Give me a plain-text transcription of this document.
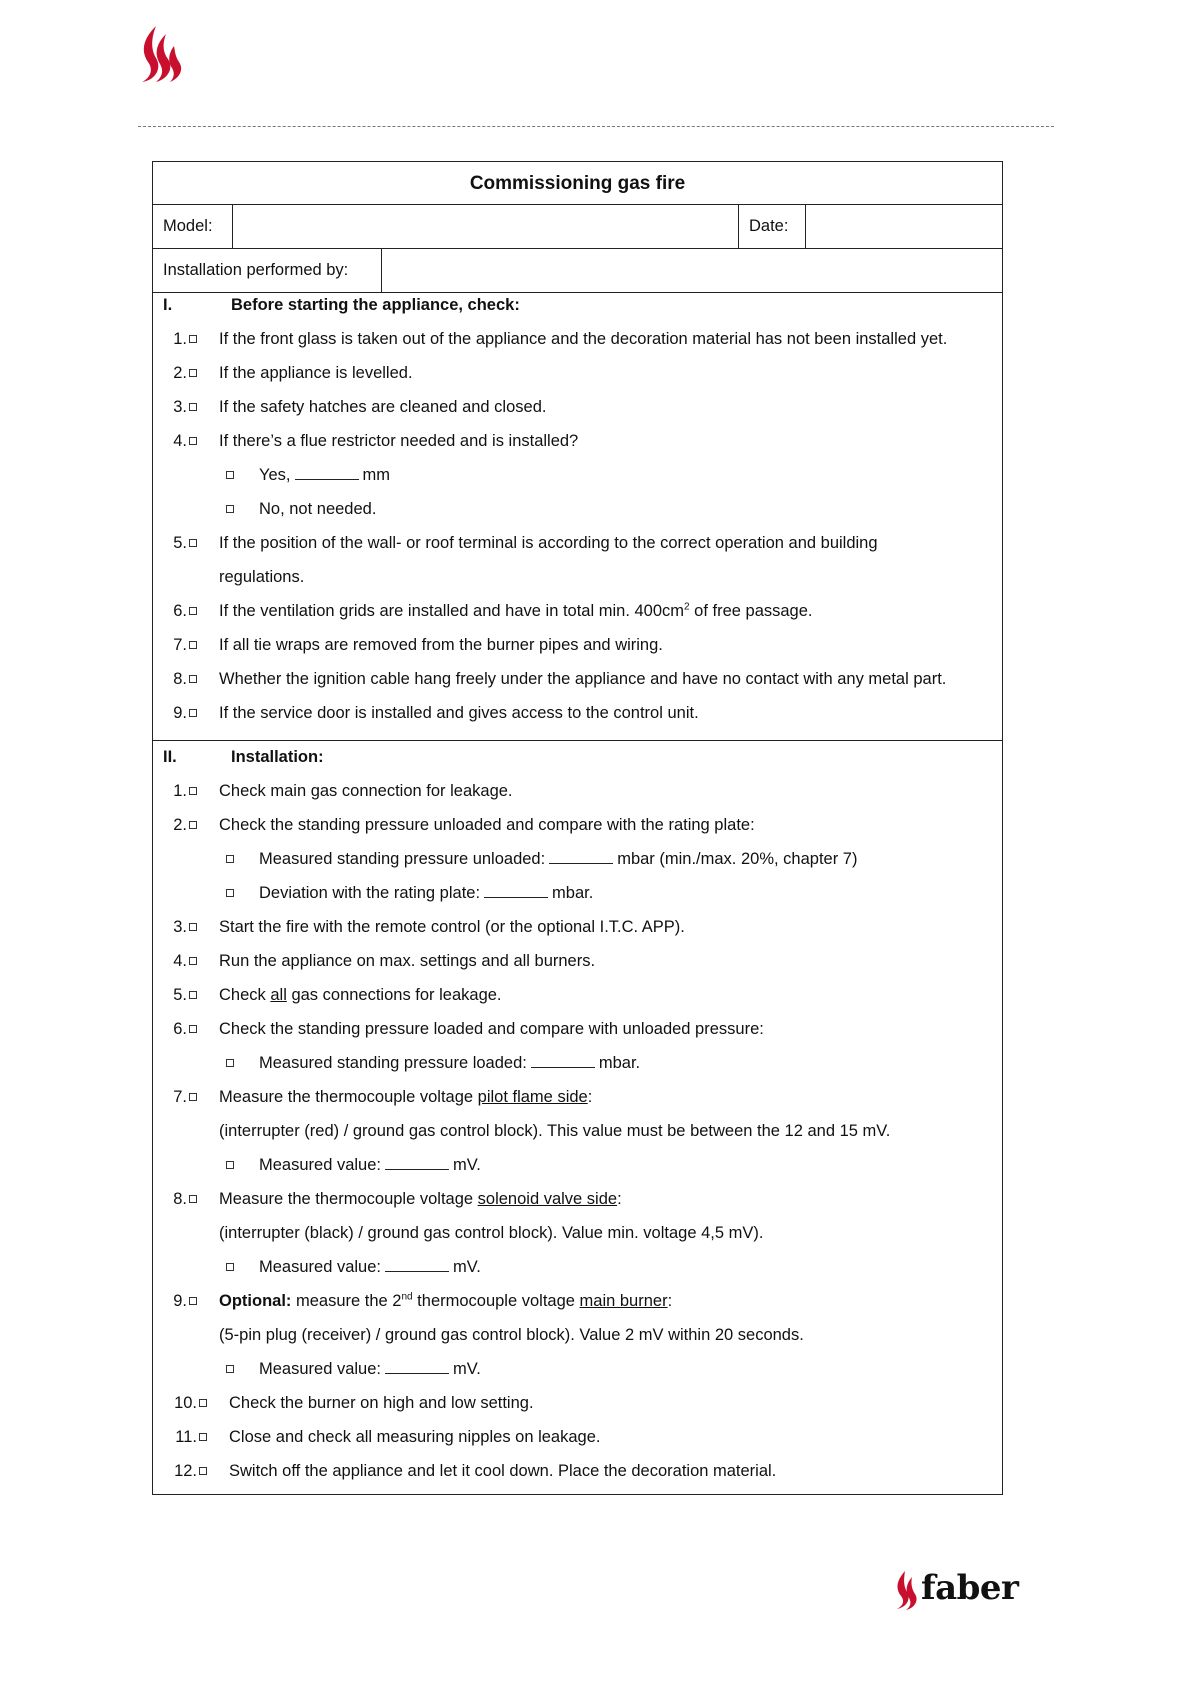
Commissioning gas fire
Model:	Date:
Installation performed by:
I.	Before starting the appliance, check:
1. If the front glass is taken out of the appliance and the decoration material has not been installed yet.
2. If the appliance is levelled.
3. If the safety hatches are cleaned and closed.
4. If there’s a flue restrictor needed and is installed?
Yes,	mm
No, not needed.
5. If the position of the wall- or roof terminal is according to the correct operation and building
regulations.
6. If the ventilation grids are installed and have in total min. $400cm^2$ of free passage.
7. If all tie wraps are removed from the burner pipes and wiring.
8. Whether the ignition cable hang freely under the appliance and have no contact with any metal part.
9. If the service door is installed and gives access to the control unit.
II.	Installation:
1. Check main gas connection for leakage.
2. Check the standing pressure unloaded and compare with the rating plate:
Measured standing pressure unloaded:	mbar (min./max. 20%, chapter 7)
Deviation with the rating plate:	mbar.
3. Start the fire with the remote control (or the optional I.T.C. APP).
4. Run the appliance on max. settings and all burners.
5. Check all gas connections for leakage.
6. Check the standing pressure loaded and compare with unloaded pressure:
Measured standing pressure loaded:	mbar.
7. Measure the thermocouple voltage pilot flame side:
(interrupter (red) / ground gas control block). This value must be between the 12 and 15 mV.
Measured value:	mV.
8. Measure the thermocouple voltage solenoid valve side:
(interrupter (black) / ground gas control block). Value min. voltage 4,5 mV).
Measured value:	mV.
9. Optional: measure the 2nd thermocouple voltage main burner:
(5-pin plug (receiver) / ground gas control block). Value 2 mV within 20 seconds.
Measured value:	mV.
10. Check the burner on high and low setting.
11. Close and check all measuring nipples on leakage.
12. Switch off the appliance and let it cool down. Place the decoration material.
faber
